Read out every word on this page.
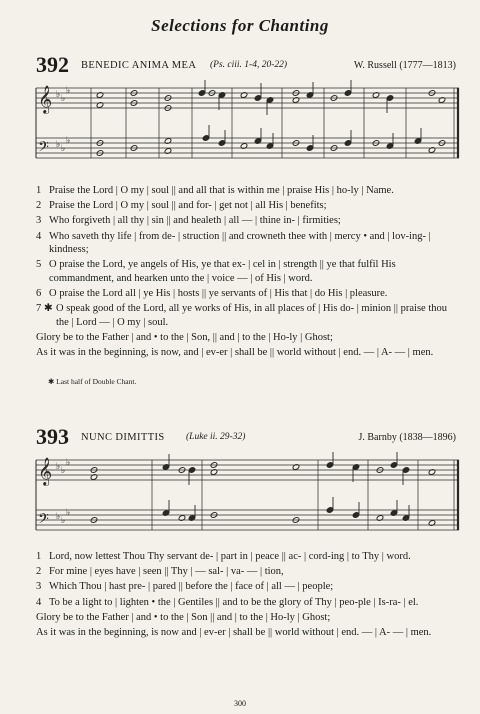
Selections for Chanting
392 BENEDIC ANIMA MEA (Ps. ciii. 1-4, 20-22)	W. Russell (1777—1813)
𝄞
𝄢
♭ ♭
♭
♭ ♭
♭
1 Praise the Lord | O my | soul || and all that is within me | praise His | ho-ly | Name.
2 Praise the Lord | O my | soul || and for- | get not | all His | benefits;
3 Who forgiveth | all thy | sin || and healeth | all — | thine in- | firmities;
4 Who saveth thy life | from de- | struction || and crowneth thee with | mercy • and | lov-ing- | kindness;
5 O praise the Lord, ye angels of His, ye that ex- | cel in | strength || ye that fulfil His commandment, and hearken unto the | voice — | of His | word.
6 O praise the Lord all | ye His | hosts || ye servants of | His that | do His | pleasure.
7 ✱ O speak good of the Lord, all ye works of His, in all places of | His do- | minion || praise thou the | Lord — | O my | soul.
Glory be to the Father | and • to the | Son, || and | to the | Ho-ly | Ghost;
As it was in the beginning, is now, and | ev-er | shall be || world without | end. — | A- — | men.
✱ Last half of Double Chant.
393 NUNC DIMITTIS (Luke ii. 29-32)	J. Barnby (1838—1896)
𝄞
𝄢
♭ ♭
♭
♭ ♭
♭
1 Lord, now lettest Thou Thy servant de- | part in | peace || ac- | cord-ing | to Thy | word.
2 For mine | eyes have | seen || Thy | — sal- | va- — | tion,
3 Which Thou | hast pre- | pared || before the | face of | all — | people;
4 To be a light to | lighten • the | Gentiles || and to be the glory of Thy | peo-ple | Is-ra- | el.
Glory be to the Father | and • to the | Son || and | to the | Ho-ly | Ghost;
As it was in the beginning, is now and | ev-er | shall be || world without | end. — | A- — | men.
300
